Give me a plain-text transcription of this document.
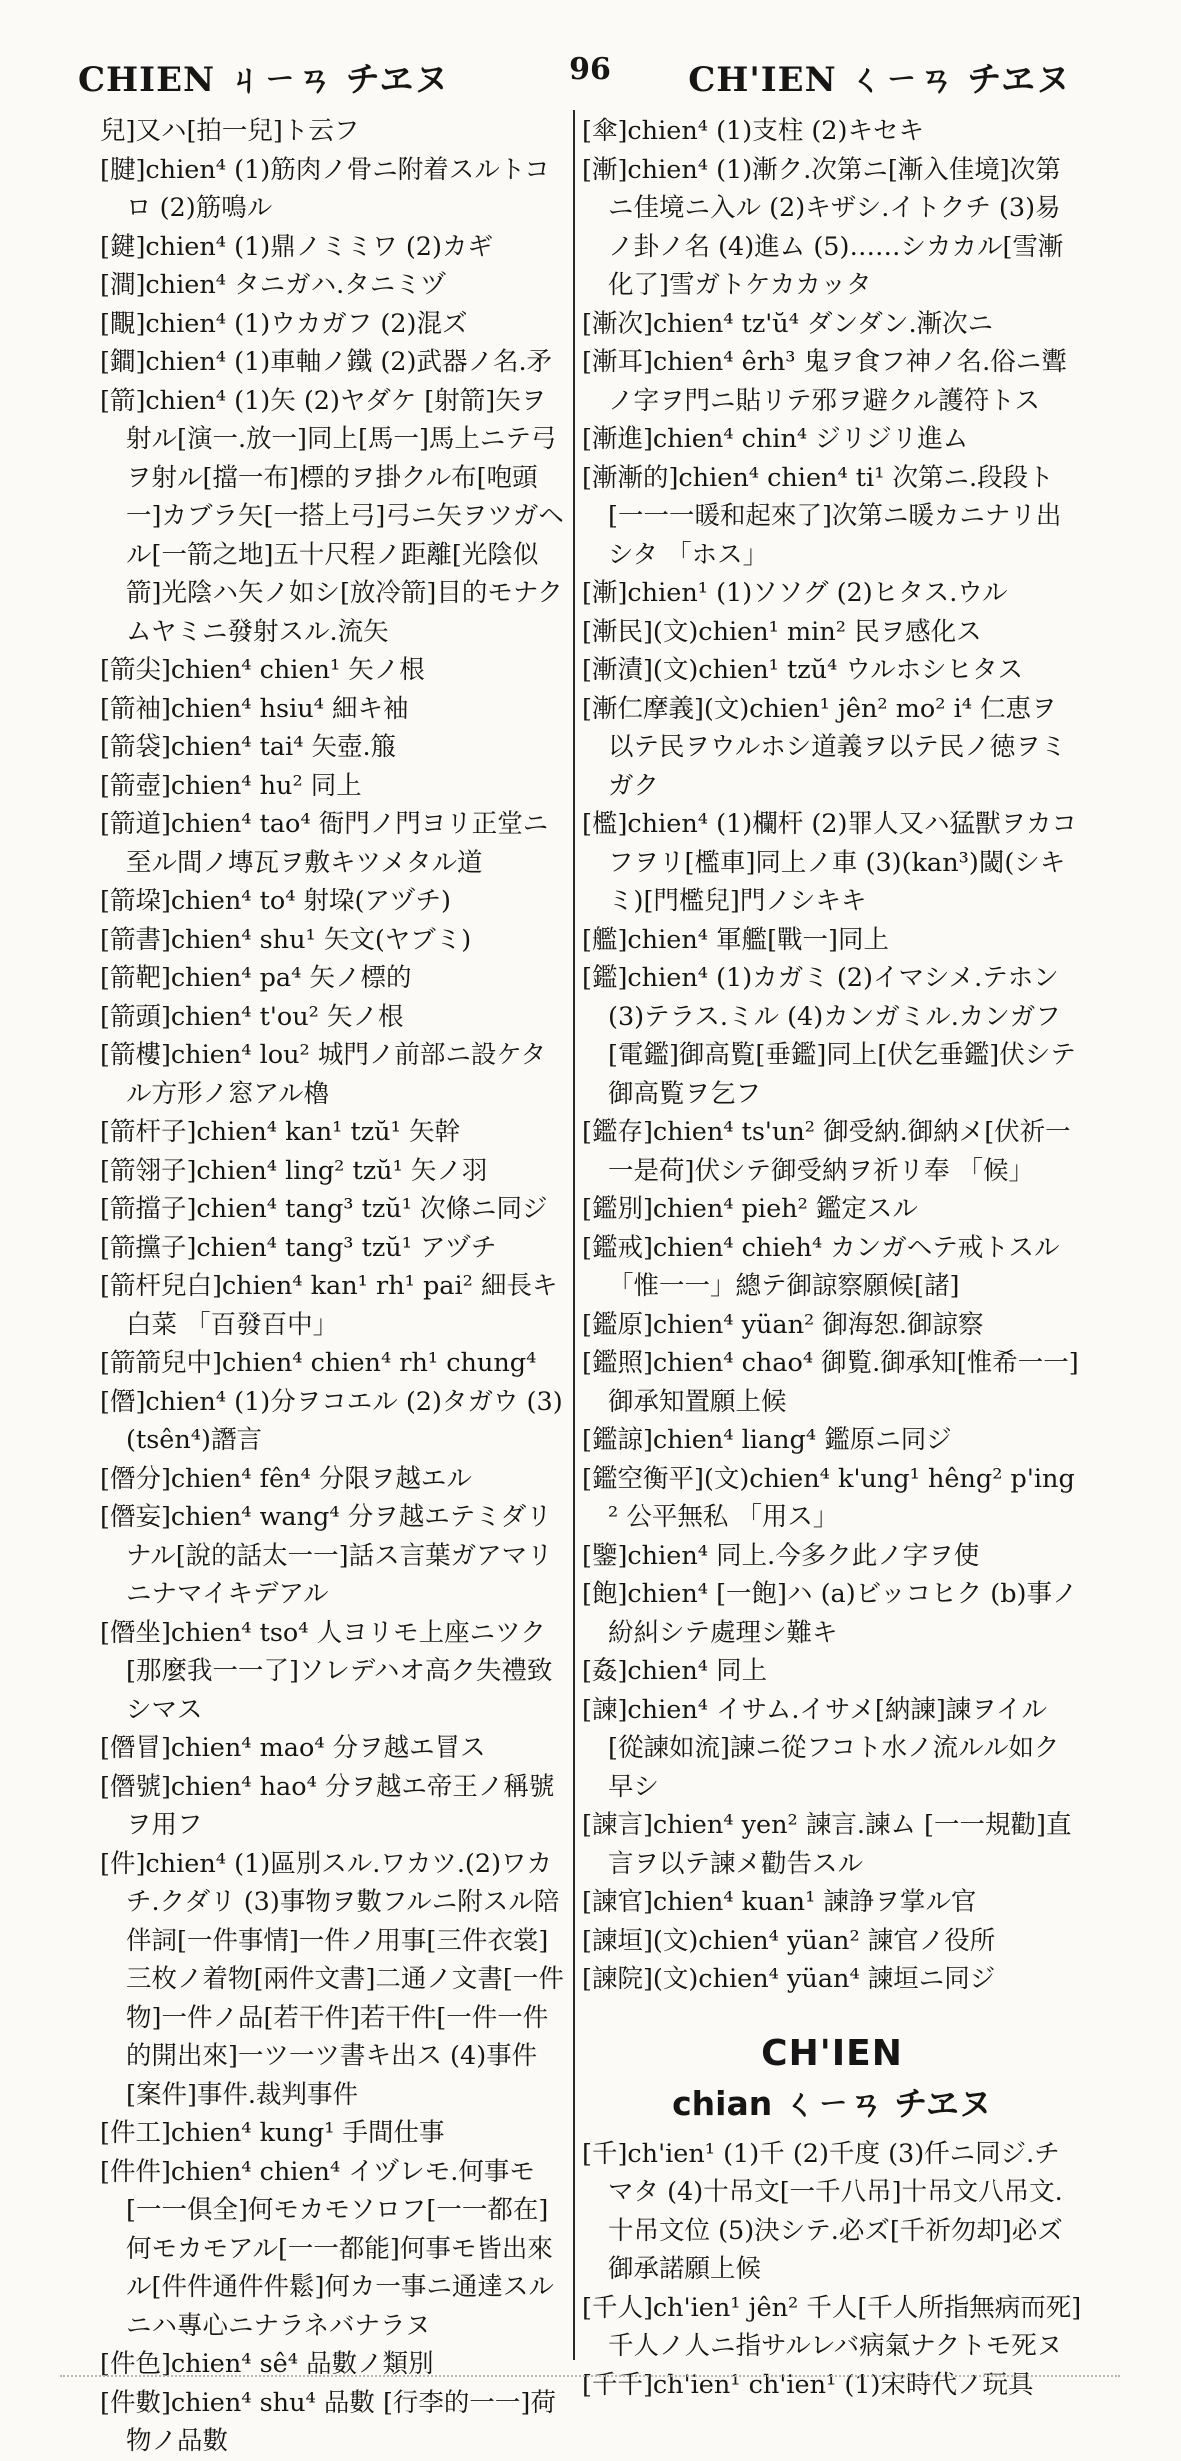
CHIEN ㄐㄧㄢ チヱヌ	96	CH'IEN ㄑㄧㄢ チヱヌ

兒]又ハ[拍一兒]ト云フ

[腱]chien⁴ (1)筋肉ノ骨ニ附着スルトコロ (2)筋鳴ル

[鍵]chien⁴ (1)鼎ノミミワ (2)カギ

[澗]chien⁴ タニガハ.タニミヅ

[覸]chien⁴ (1)ウカガフ (2)混ズ

[鐧]chien⁴ (1)車軸ノ鐵 (2)武器ノ名.矛

[箭]chien⁴ (1)矢 (2)ヤダケ [射箭]矢ヲ射ル[演一.放一]同上[馬一]馬上ニテ弓ヲ射ル[擋一布]標的ヲ掛クル布[咆頭一]カブラ矢[一搭上弓]弓ニ矢ヲツガヘル[一箭之地]五十尺程ノ距離[光陰似箭]光陰ハ矢ノ如シ[放冷箭]目的モナクムヤミニ發射スル.流矢

[箭尖]chien⁴ chien¹ 矢ノ根

[箭袖]chien⁴ hsiu⁴ 細キ袖

[箭袋]chien⁴ tai⁴ 矢壺.箙

[箭壺]chien⁴ hu² 同上

[箭道]chien⁴ tao⁴ 衙門ノ門ヨリ正堂ニ至ル間ノ塼瓦ヲ敷キツメタル道

[箭垜]chien⁴ to⁴ 射垜(アヅチ)

[箭書]chien⁴ shu¹ 矢文(ヤブミ)

[箭靶]chien⁴ pa⁴ 矢ノ標的

[箭頭]chien⁴ t'ou² 矢ノ根

[箭樓]chien⁴ lou² 城門ノ前部ニ設ケタル方形ノ窓アル櫓

[箭杆子]chien⁴ kan¹ tzŭ¹ 矢幹

[箭翎子]chien⁴ ling² tzŭ¹ 矢ノ羽

[箭擋子]chien⁴ tang³ tzŭ¹ 次條ニ同ジ

[箭攩子]chien⁴ tang³ tzŭ¹ アヅチ

[箭杆兒白]chien⁴ kan¹ rh¹ pai² 細長キ白菜 「百發百中」

[箭箭兒中]chien⁴ chien⁴ rh¹ chung⁴

[僭]chien⁴ (1)分ヲコエル (2)タガウ (3)(tsên⁴)譖言

[僭分]chien⁴ fên⁴ 分限ヲ越エル

[僭妄]chien⁴ wang⁴ 分ヲ越エテミダリナル[說的話太一一]話ス言葉ガアマリニナマイキデアル

[僭坐]chien⁴ tso⁴ 人ヨリモ上座ニツク[那麼我一一了]ソレデハオ高ク失禮致シマス

[僭冒]chien⁴ mao⁴ 分ヲ越エ冒ス

[僭號]chien⁴ hao⁴ 分ヲ越エ帝王ノ稱號ヲ用フ

[件]chien⁴ (1)區別スル.ワカツ.(2)ワカチ.クダリ (3)事物ヲ數フルニ附スル陪伴詞[一件事情]一件ノ用事[三件衣裳]三枚ノ着物[兩件文書]二通ノ文書[一件物]一件ノ品[若干件]若干件[一件一件的開出來]一ツ一ツ書キ出ス (4)事件[案件]事件.裁判事件

[件工]chien⁴ kung¹ 手間仕事

[件件]chien⁴ chien⁴ イヅレモ.何事モ[一一俱全]何モカモソロフ[一一都在]何モカモアル[一一都能]何事モ皆出來ル[件件通件件鬆]何カ一事ニ通達スルニハ專心ニナラネバナラヌ

[件色]chien⁴ sê⁴ 品數ノ類別

[件數]chien⁴ shu⁴ 品數 [行李的一一]荷物ノ品數

[傘]chien⁴ (1)支柱 (2)キセキ

[漸]chien⁴ (1)漸ク.次第ニ[漸入佳境]次第ニ佳境ニ入ル (2)キザシ.イトクチ (3)易ノ卦ノ名 (4)進ム (5)……シカカル[雪漸化了]雪ガトケカカッタ

[漸次]chien⁴ tz'ŭ⁴ ダンダン.漸次ニ

[漸耳]chien⁴ êrh³ 鬼ヲ食フ神ノ名.俗ニ聻ノ字ヲ門ニ貼リテ邪ヲ避クル護符トス

[漸進]chien⁴ chin⁴ ジリジリ進ム

[漸漸的]chien⁴ chien⁴ ti¹ 次第ニ.段段ト[一一一暖和起來了]次第ニ暖カニナリ出シタ 「ホス」

[漸]chien¹ (1)ソソグ (2)ヒタス.ウル

[漸民](文)chien¹ min² 民ヲ感化ス

[漸漬](文)chien¹ tzŭ⁴ ウルホシヒタス

[漸仁摩義](文)chien¹ jên² mo² i⁴ 仁恵ヲ以テ民ヲウルホシ道義ヲ以テ民ノ徳ヲミガク

[檻]chien⁴ (1)欄杆 (2)罪人又ハ猛獸ヲカコフヲリ[檻車]同上ノ車 (3)(kan³)閾(シキミ)[門檻兒]門ノシキキ

[艦]chien⁴ 軍艦[戰一]同上

[鑑]chien⁴ (1)カガミ (2)イマシメ.テホン (3)テラス.ミル (4)カンガミル.カンガフ [電鑑]御高覧[垂鑑]同上[伏乞垂鑑]伏シテ御高覧ヲ乞フ

[鑑存]chien⁴ ts'un² 御受納.御納メ[伏祈一一是荷]伏シテ御受納ヲ祈リ奉 「候」

[鑑別]chien⁴ pieh² 鑑定スル

[鑑戒]chien⁴ chieh⁴ カンガヘテ戒トスル 「惟一一」總テ御諒察願候[諸]

[鑑原]chien⁴ yüan² 御海恕.御諒察

[鑑照]chien⁴ chao⁴ 御覧.御承知[惟希一一]御承知置願上候

[鑑諒]chien⁴ liang⁴ 鑑原ニ同ジ

[鑑空衡平](文)chien⁴ k'ung¹ hêng² p'ing² 公平無私 「用ス」

[鑒]chien⁴ 同上.今多ク此ノ字ヲ使

[飽]chien⁴ [一飽]ハ (a)ビッコヒク (b)事ノ紛糾シテ處理シ難キ

[姦]chien⁴ 同上

[諫]chien⁴ イサム.イサメ[納諫]諫ヲイル[從諫如流]諫ニ從フコト水ノ流ルル如ク早シ

[諫言]chien⁴ yen² 諫言.諫ム [一一規勸]直言ヲ以テ諫メ勸告スル

[諫官]chien⁴ kuan¹ 諫諍ヲ掌ル官

[諫垣](文)chien⁴ yüan² 諫官ノ役所

[諫院](文)chien⁴ yüan⁴ 諫垣ニ同ジ

CH'IEN
chian ㄑㄧㄢ チヱヌ

[千]ch'ien¹ (1)千 (2)千度 (3)仟ニ同ジ.チマタ (4)十吊文[一千八吊]十吊文八吊文.十吊文位 (5)決シテ.必ズ[千祈勿却]必ズ御承諾願上候

[千人]ch'ien¹ jên² 千人[千人所指無病而死]千人ノ人ニ指サルレバ病氣ナクトモ死ヌ

[千千]ch'ien¹ ch'ien¹ (1)宋時代ノ玩具
